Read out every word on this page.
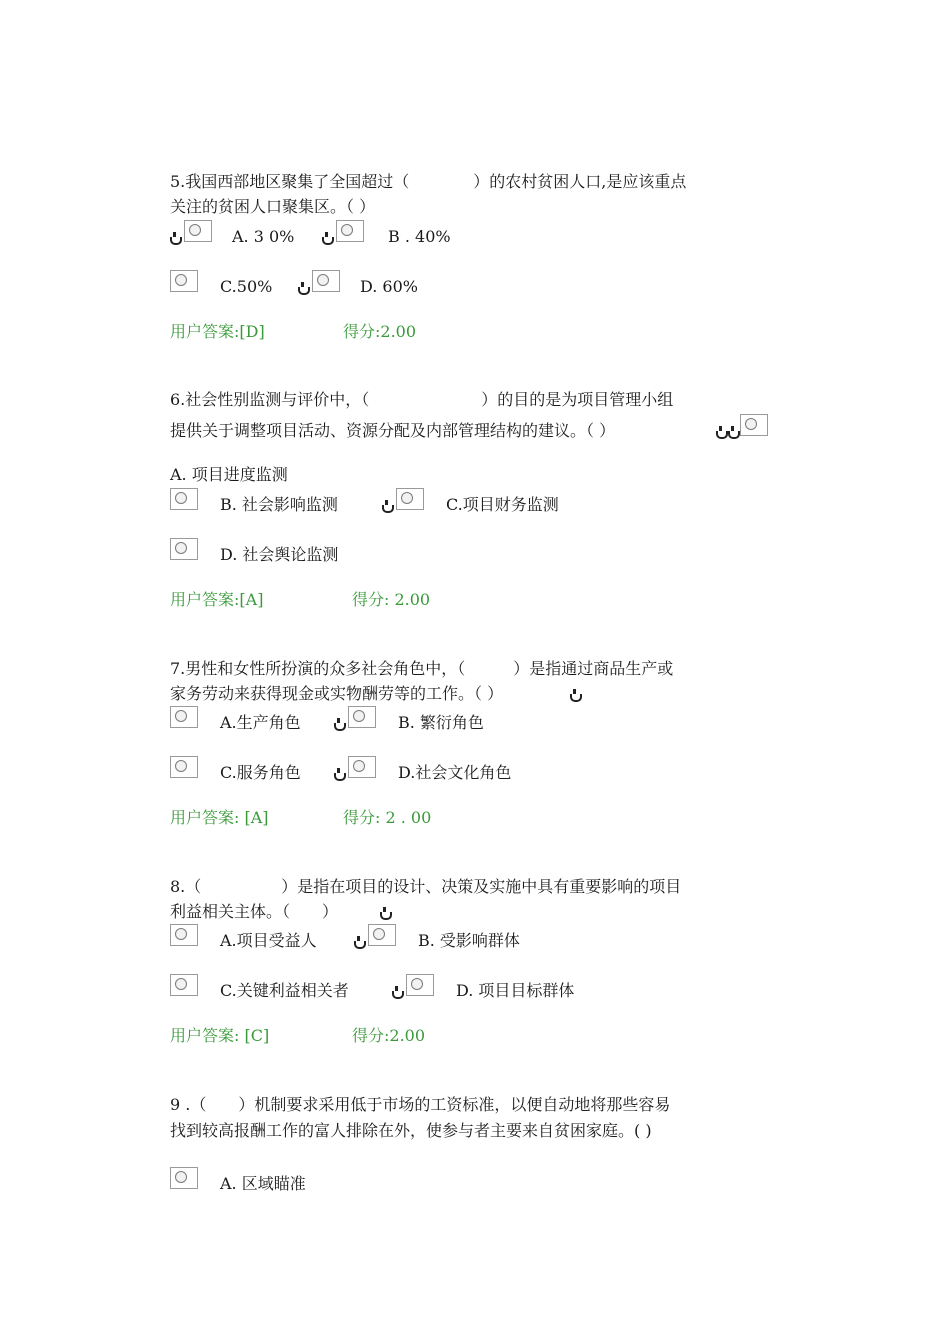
5.我国西部地区聚集了全国超过（　　　　）的农村贫困人口,是应该重点
关注的贫困人口聚集区。（ ）
A. 3 0%	B . 40%
C.50%	D. 60%
用户答案:[D]	得分:2.00
6.社会性别监测与评价中，（　　　　　　　）的目的是为项目管理小组
提供关于调整项目活动、资源分配及内部管理结构的建议。（ ）
A. 项目进度监测
B. 社会影响监测	C.项目财务监测
D. 社会舆论监测
用户答案:[A]	得分: 2.00
7.男性和女性所扮演的众多社会角色中，（　　　）是指通过商品生产或
家务劳动来获得现金或实物酬劳等的工作。（ ）
A.生产角色	B. 繁衍角色
C.服务角色	D.社会文化角色
用户答案: [A]	得分: 2 . 00
8.（　　　　　）是指在项目的设计、决策及实施中具有重要影响的项目
利益相关主体。（　　）
A.项目受益人	B. 受影响群体
C.关键利益相关者	D. 项目目标群体
用户答案: [C]	得分:2.00
9 .（　　）机制要求采用低于市场的工资标准，以便自动地将那些容易
找到较高报酬工作的富人排除在外，使参与者主要来自贫困家庭。( )
A. 区域瞄准
